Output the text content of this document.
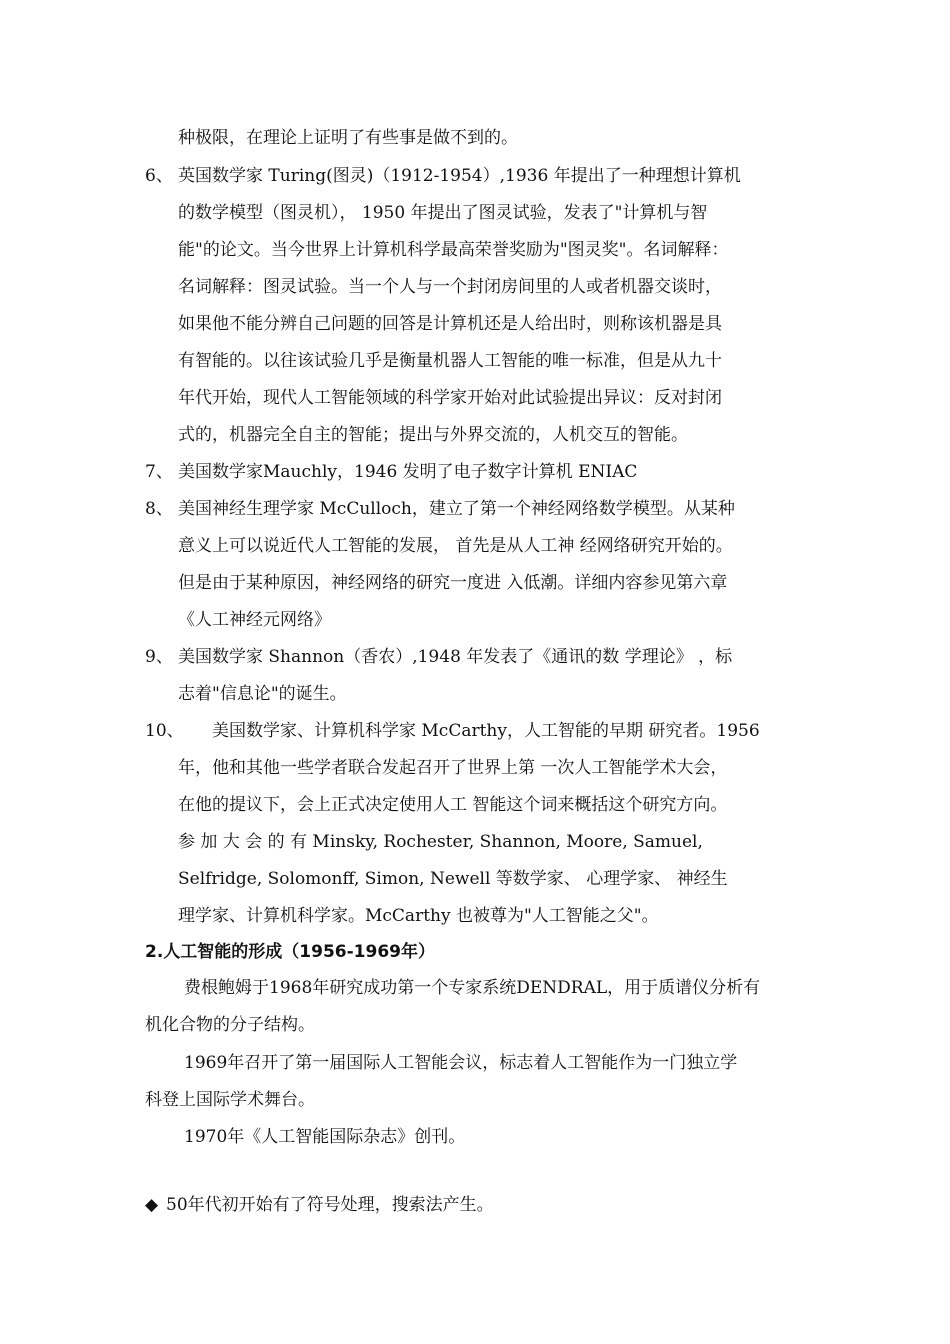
种极限，在理论上证明了有些事是做不到的。
6、 英国数学家 Turing(图灵)（1912-1954）,1936 年提出了一种理想计算机
的数学模型（图灵机）， 1950 年提出了图灵试验，发表了"计算机与智
能"的论文。当今世界上计算机科学最高荣誉奖励为"图灵奖"。名词解释：
名词解释：图灵试验。当一个人与一个封闭房间里的人或者机器交谈时，
如果他不能分辨自己问题的回答是计算机还是人给出时，则称该机器是具
有智能的。以往该试验几乎是衡量机器人工智能的唯一标准，但是从九十
年代开始，现代人工智能领域的科学家开始对此试验提出异议：反对封闭
式的，机器完全自主的智能；提出与外界交流的，人机交互的智能。
7、 美国数学家Mauchly，1946 发明了电子数字计算机 ENIAC
8、 美国神经生理学家 McCulloch，建立了第一个神经网络数学模型。从某种
意义上可以说近代人工智能的发展， 首先是从人工神 经网络研究开始的。
但是由于某种原因，神经网络的研究一度进 入低潮。详细内容参见第六章
《人工神经元网络》
9、 美国数学家 Shannon（香农）,1948 年发表了《通讯的数 学理论》 ，标
志着"信息论"的诞生。
10、 美国数学家、计算机科学家 McCarthy，人工智能的早期 研究者。1956
年，他和其他一些学者联合发起召开了世界上第 一次人工智能学术大会，
在他的提议下，会上正式决定使用人工 智能这个词来概括这个研究方向。
参 加 大 会 的 有 Minsky, Rochester, Shannon, Moore, Samuel,
Selfridge, Solomonff, Simon, Newell 等数学家、 心理学家、 神经生
理学家、计算机科学家。McCarthy 也被尊为"人工智能之父"。
2.人工智能的形成（1956-1969年）
费根鲍姆于1968年研究成功第一个专家系统DENDRAL，用于质谱仪分析有
机化合物的分子结构。
1969年召开了第一届国际人工智能会议，标志着人工智能作为一门独立学
科登上国际学术舞台。
1970年《人工智能国际杂志》创刊。
◆ 50年代初开始有了符号处理，搜索法产生。
